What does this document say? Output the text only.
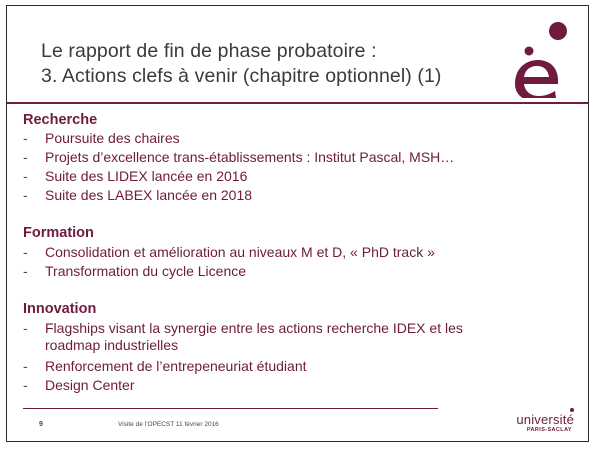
Le rapport de fin de phase probatoire :
3. Actions clefs à venir (chapitre optionnel) (1)
Recherche
- Poursuite des chaires
- Projets d’excellence trans-établissements : Institut Pascal, MSH…
- Suite des LIDEX lancée en 2016
- Suite des LABEX lancée en 2018
Formation
- Consolidation et amélioration au niveaux M et D, « PhD track »
- Transformation du cycle Licence
Innovation
- Flagships visant la synergie entre les actions recherche IDEX et les
roadmap industrielles
- Renforcement de l’entrepeneuriat étudiant
- Design Center
9	Visite de l’OPECST 11 février 2016	université
PARIS-SACLAY
